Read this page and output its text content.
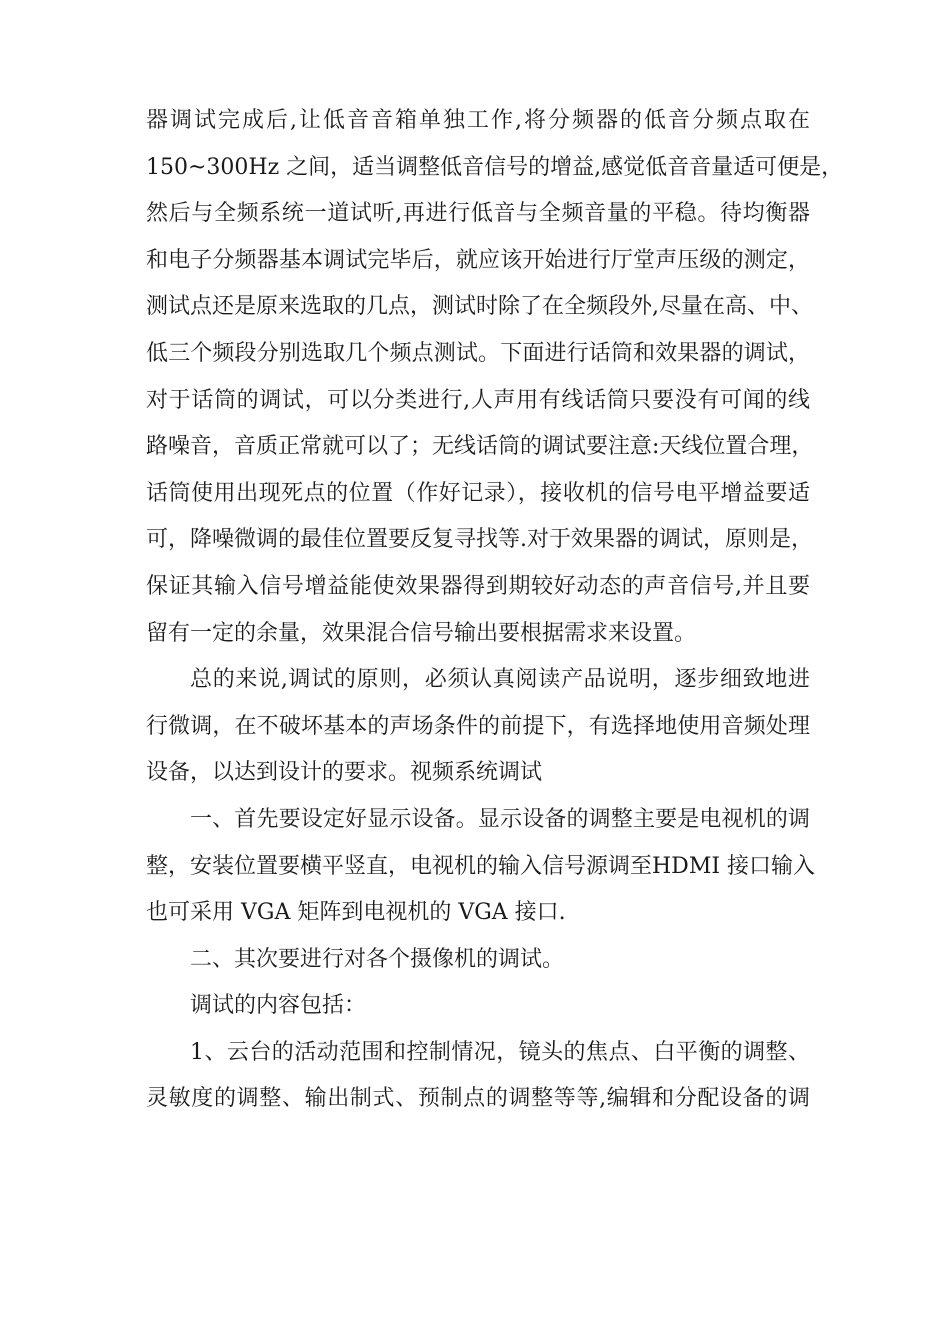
器调试完成后,让低音音箱单独工作,将分频器的低音分频点取在
150~300Hz 之间，适当调整低音信号的增益,感觉低音音量适可便是，
然后与全频系统一道试听,再进行低音与全频音量的平稳。待均衡器
和电子分频器基本调试完毕后，就应该开始进行厅堂声压级的测定，
测试点还是原来选取的几点，测试时除了在全频段外,尽量在高、中、
低三个频段分别选取几个频点测试。下面进行话筒和效果器的调试，
对于话筒的调试，可以分类进行,人声用有线话筒只要没有可闻的线
路噪音，音质正常就可以了；无线话筒的调试要注意:天线位置合理，
话筒使用出现死点的位置（作好记录），接收机的信号电平增益要适
可，降噪微调的最佳位置要反复寻找等.对于效果器的调试，原则是，
保证其输入信号增益能使效果器得到期较好动态的声音信号,并且要
留有一定的余量，效果混合信号输出要根据需求来设置。
总的来说,调试的原则，必须认真阅读产品说明，逐步细致地进
行微调，在不破坏基本的声场条件的前提下，有选择地使用音频处理
设备，以达到设计的要求。视频系统调试
一、首先要设定好显示设备。显示设备的调整主要是电视机的调
整，安装位置要横平竖直，电视机的输入信号源调至HDMI 接口输入
也可采用 VGA 矩阵到电视机的 VGA 接口.
二、其次要进行对各个摄像机的调试。
调试的内容包括：
1、云台的活动范围和控制情况，镜头的焦点、白平衡的调整、
灵敏度的调整、输出制式、预制点的调整等等,编辑和分配设备的调
